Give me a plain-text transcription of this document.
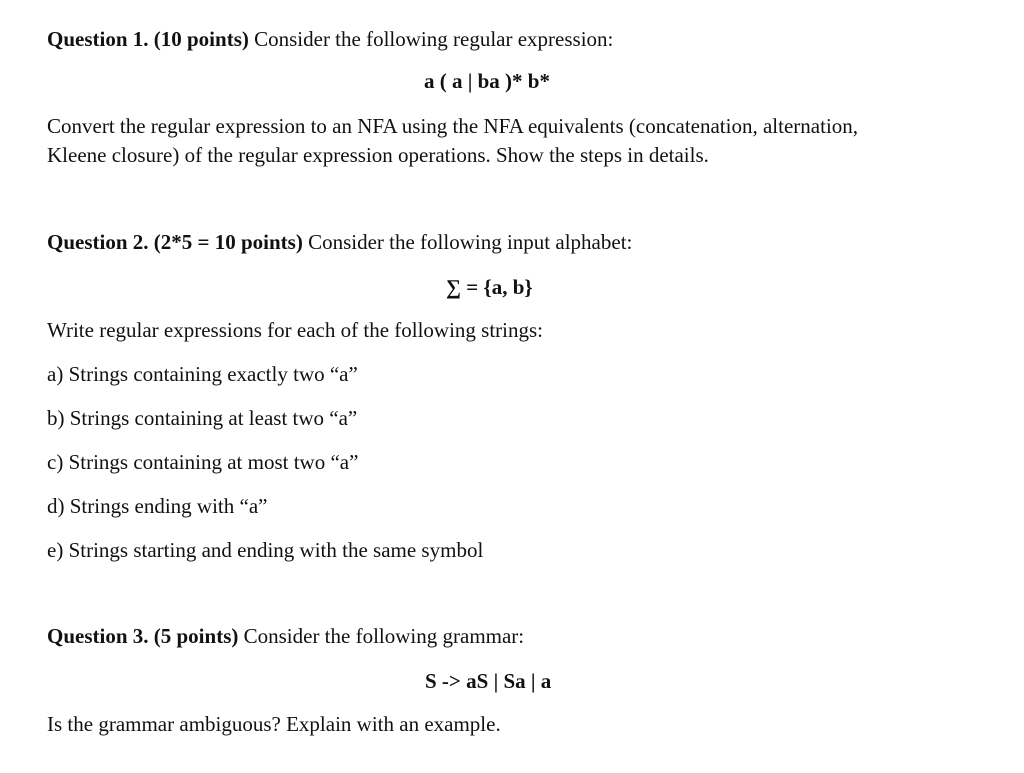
Question 1. (10 points) Consider the following regular expression:
a ( a | ba )* b*
Convert the regular expression to an NFA using the NFA equivalents (concatenation, alternation,
Kleene closure) of the regular expression operations. Show the steps in details.
Question 2. (2*5 = 10 points) Consider the following input alphabet:
∑ = {a, b}
Write regular expressions for each of the following strings:
a) Strings containing exactly two “a”
b) Strings containing at least two “a”
c) Strings containing at most two “a”
d) Strings ending with “a”
e) Strings starting and ending with the same symbol
Question 3. (5 points) Consider the following grammar:
S -> aS | Sa | a
Is the grammar ambiguous? Explain with an example.
